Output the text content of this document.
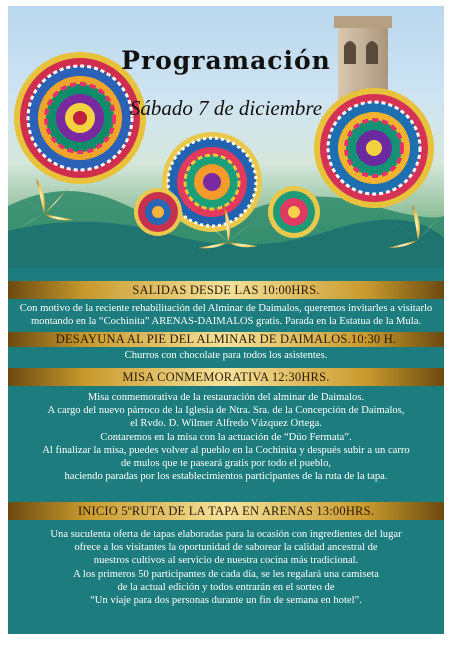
Programación
Sábado 7 de diciembre
SALIDAS DESDE LAS 10:00HRS.
Con motivo de la reciente rehabilitación del Alminar de Daimalos, queremos invitarles a visitarlo
montando en la “Cochinita” ARENAS-DAIMALOS gratis. Parada en la Estatua de la Mula.
DESAYUNA AL PIE DEL ALMINAR DE DAIMALOS.10:30 H.
Churros con chocolate para todos los asistentes.
MISA CONMEMORATIVA 12:30HRS.
Misa conmemorativa de la restauración del alminar de Daimalos.
A cargo del nuevo párroco de la Iglesia de Ntra. Sra. de la Concepción de Daimalos,
el Rvdo. D. Wilmer Alfredo Vázquez Ortega.
Contaremos en la misa con la actuación de “Dúo Fermata”.
Al finalizar la misa, puedes volver al pueblo en la Cochinita y después subir a un carro
de mulos que te paseará gratis por todo el pueblo,
haciendo paradas por los establecimientos participantes de la ruta de la tapa.
INICIO 5ºRUTA DE LA TAPA EN ARENAS 13:00HRS.
Una suculenta oferta de tapas elaboradas para la ocasión con ingredientes del lugar
ofrece a los visitantes la oportunidad de saborear la calidad ancestral de
nuestros cultivos al servicio de nuestra cocina más tradicional.
A los primeros 50 participantes de cada día, se les regalará una camiseta
de la actual edición y todos entrarán en el sorteo de
“Un viaje para dos personas durante un fin de semana en hotel”.
